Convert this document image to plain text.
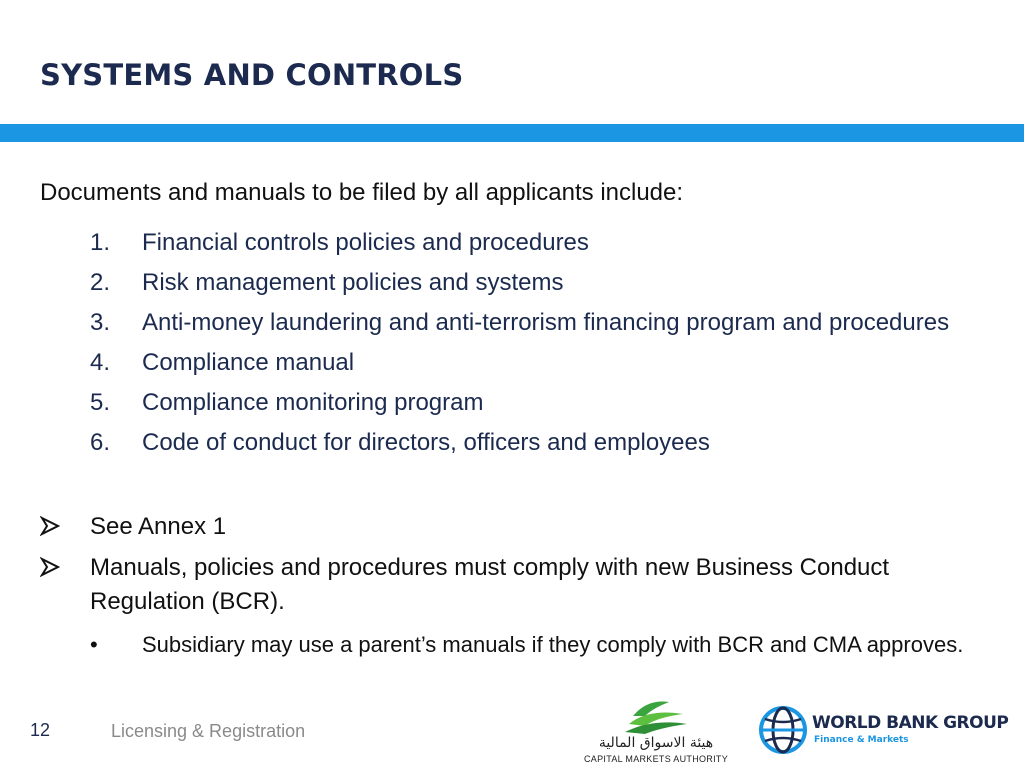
SYSTEMS AND CONTROLS
Documents and manuals to be filed by all applicants include:
1.	Financial controls policies and procedures
2.	Risk management policies and systems
3.	Anti-money laundering and anti-terrorism financing program and procedures
4.	Compliance manual
5.	Compliance monitoring program
6.	Code of conduct for directors, officers and employees
See Annex 1
Manuals, policies and procedures must comply with new Business Conduct Regulation (BCR).
•	Subsidiary may use a parent’s manuals if they comply with BCR and CMA approves.
12	Licensing & Registration
هيئة الاسواق المالية
CAPITAL MARKETS AUTHORITY
WORLD BANK GROUP
Finance & Markets
